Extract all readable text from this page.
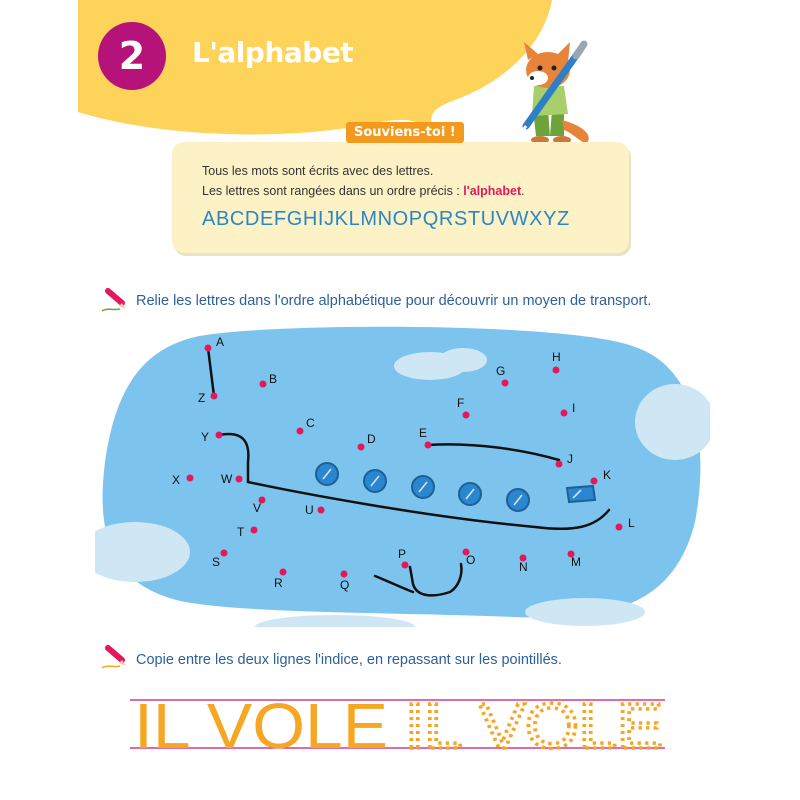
2	L'alphabet
Souviens-toi !
Tous les mots sont écrits avec des lettres.
Les lettres sont rangées dans un ordre précis : l'alphabet.
ABCDEFGHIJKLMNOPQRSTUVWXYZ
Relie les lettres dans l'ordre alphabétique pour découvrir un moyen de transport.
A
B
C
D	E
F
G
H
I
J
K
L
M
N
O
P
Q
R
S
T
U
V
W
X
Y
Z
Copie entre les deux lignes l'indice, en repassant sur les pointillés.
IL VOLE IL VOLE
